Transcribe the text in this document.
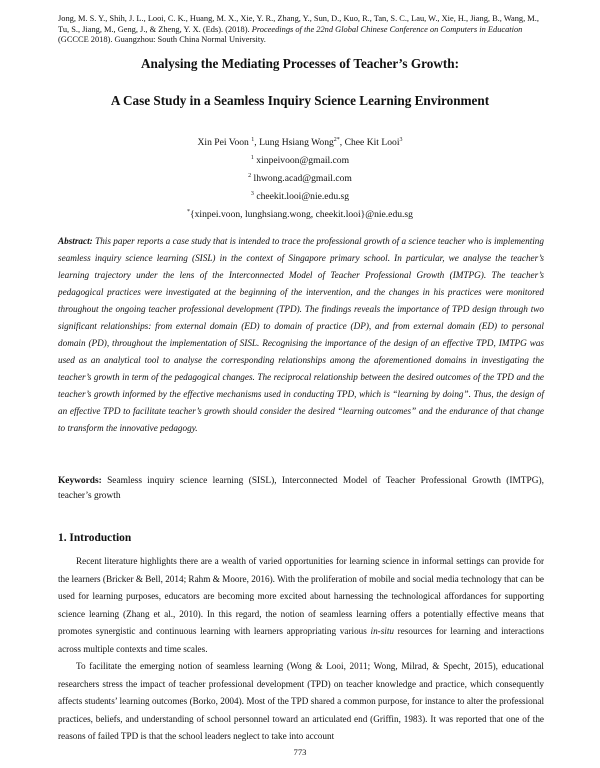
Jong, M. S. Y., Shih, J. L., Looi, C. K., Huang, M. X., Xie, Y. R., Zhang, Y., Sun, D., Kuo, R., Tan, S. C., Lau, W., Xie, H., Jiang, B., Wang, M., Tu, S., Jiang, M., Geng, J., & Zheng, Y. X. (Eds). (2018). Proceedings of the 22nd Global Chinese Conference on Computers in Education (GCCCE 2018). Guangzhou: South China Normal University.
Analysing the Mediating Processes of Teacher’s Growth:
A Case Study in a Seamless Inquiry Science Learning Environment
Xin Pei Voon $^1$, Lung Hsiang Wong$^{2*}$, Chee Kit Looi$^3$
$^1$ xinpeivoon@gmail.com
$^2$ lhwong.acad@gmail.com
$^3$ cheekit.looi@nie.edu.sg
*{xinpei.voon, lunghsiang.wong, cheekit.looi}@nie.edu.sg
Abstract: This paper reports a case study that is intended to trace the professional growth of a science teacher who is implementing seamless inquiry science learning (SISL) in the context of Singapore primary school. In particular, we analyse the teacher’s learning trajectory under the lens of the Interconnected Model of Teacher Professional Growth (IMTPG). The teacher’s pedagogical practices were investigated at the beginning of the intervention, and the changes in his practices were monitored throughout the ongoing teacher professional development (TPD). The findings reveals the importance of TPD design through two significant relationships: from external domain (ED) to domain of practice (DP), and from external domain (ED) to personal domain (PD), throughout the implementation of SISL. Recognising the importance of the design of an effective TPD, IMTPG was used as an analytical tool to analyse the corresponding relationships among the aforementioned domains in investigating the teacher’s growth in term of the pedagogical changes. The reciprocal relationship between the desired outcomes of the TPD and the teacher’s growth informed by the effective mechanisms used in conducting TPD, which is “learning by doing”. Thus, the design of an effective TPD to facilitate teacher’s growth should consider the desired “learning outcomes” and the endurance of that change to transform the innovative pedagogy.
Keywords: Seamless inquiry science learning (SISL), Interconnected Model of Teacher Professional Growth (IMTPG), teacher’s growth
1. Introduction
Recent literature highlights there are a wealth of varied opportunities for learning science in informal settings can provide for the learners (Bricker & Bell, 2014; Rahm & Moore, 2016). With the proliferation of mobile and social media technology that can be used for learning purposes, educators are becoming more excited about harnessing the technological affordances for supporting science learning (Zhang et al., 2010). In this regard, the notion of seamless learning offers a potentially effective means that promotes synergistic and continuous learning with learners appropriating various in-situ resources for learning and interactions across multiple contexts and time scales.
To facilitate the emerging notion of seamless learning (Wong & Looi, 2011; Wong, Milrad, & Specht, 2015), educational researchers stress the impact of teacher professional development (TPD) on teacher knowledge and practice, which consequently affects students’ learning outcomes (Borko, 2004). Most of the TPD shared a common purpose, for instance to alter the professional practices, beliefs, and understanding of school personnel toward an articulated end (Griffin, 1983). It was reported that one of the reasons of failed TPD is that the school leaders neglect to take into account
773
